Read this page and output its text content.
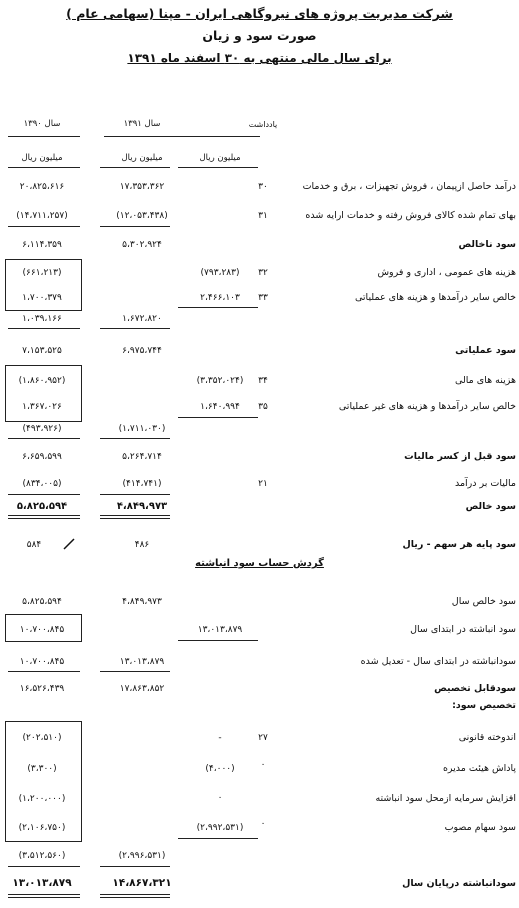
شرکت مدیریت پروژه های نیروگاهی ایران - مپنا (سهامی عام )
صورت سود و زیان
برای سال مالی منتهی به ۳۰ اسفند ماه ۱۳۹۱
یادداشت
سال ۱۳۹۱
سال ۱۳۹۰
میلیون ریال
میلیون ریال
میلیون ریال
درآمد حاصل ازپیمان ، فروش تجهیزات ، برق و خدمات
۳۰
۱۷،۳۵۳،۳۶۲
۲۰،۸۲۵،۶۱۶
بهای تمام شده کالای فروش رفته و خدمات ارایه شده
۳۱
(۱۲،۰۵۳،۴۳۸)
(۱۴،۷۱۱،۲۵۷)
سود ناخالص
۵،۳۰۲،۹۲۴
۶،۱۱۴،۳۵۹
هزینه های عمومی ، اداری و فروش
۳۲
(۷۹۳،۲۸۳)
(۶۶۱،۲۱۳)
خالص سایر درآمدها و هزینه های عملیاتی
۳۳
۲،۴۶۶،۱۰۳
۱،۷۰۰،۳۷۹
۱،۶۷۲،۸۲۰
۱،۰۳۹،۱۶۶
سود عملیاتی
۶،۹۷۵،۷۴۴
۷،۱۵۳،۵۲۵
هزینه های مالی
۳۴
(۳،۳۵۲،۰۲۴)
(۱،۸۶۰،۹۵۲)
خالص سایر درآمدها و هزینه های غیر عملیاتی
۳۵
۱،۶۴۰،۹۹۴
۱،۳۶۷،۰۲۶
(۱،۷۱۱،۰۳۰)
(۴۹۳،۹۲۶)
سود قبل از کسر مالیات
۵،۲۶۴،۷۱۴
۶،۶۵۹،۵۹۹
مالیات بر درآمد
۲۱
(۴۱۴،۷۴۱)
(۸۳۴،۰۰۵)
سود خالص
۴،۸۴۹،۹۷۳
۵،۸۲۵،۵۹۴
سود پایه هر سهم - ریال
۴۸۶
۵۸۴
گردش حساب سود انباشته
سود خالص سال
۴،۸۴۹،۹۷۳
۵،۸۲۵،۵۹۴
سود انباشته در ابتدای سال
۱۳،۰۱۳،۸۷۹
۱۰،۷۰۰،۸۴۵
سودانباشته در ابتدای سال - تعدیل شده
۱۳،۰۱۳،۸۷۹
۱۰،۷۰۰،۸۴۵
سودقابل تخصیص
۱۷،۸۶۳،۸۵۲
۱۶،۵۲۶،۴۳۹
تخصیص سود:
اندوخته قانونی
۲۷
-
(۲۰۲،۵۱۰)
پاداش هیئت مدیره
٠
(۴،۰۰۰)
(۳،۳۰۰)
افزایش سرمایه ازمحل سود انباشته
٠
(۱،۲۰۰،۰۰۰)
سود سهام مصوب
٠
(۲،۹۹۲،۵۳۱)
(۲،۱۰۶،۷۵۰)
(۲،۹۹۶،۵۳۱)
(۳،۵۱۲،۵۶۰)
سودانباشته درپایان سال
۱۴،۸۶۷،۳۲۱
۱۳،۰۱۳،۸۷۹
